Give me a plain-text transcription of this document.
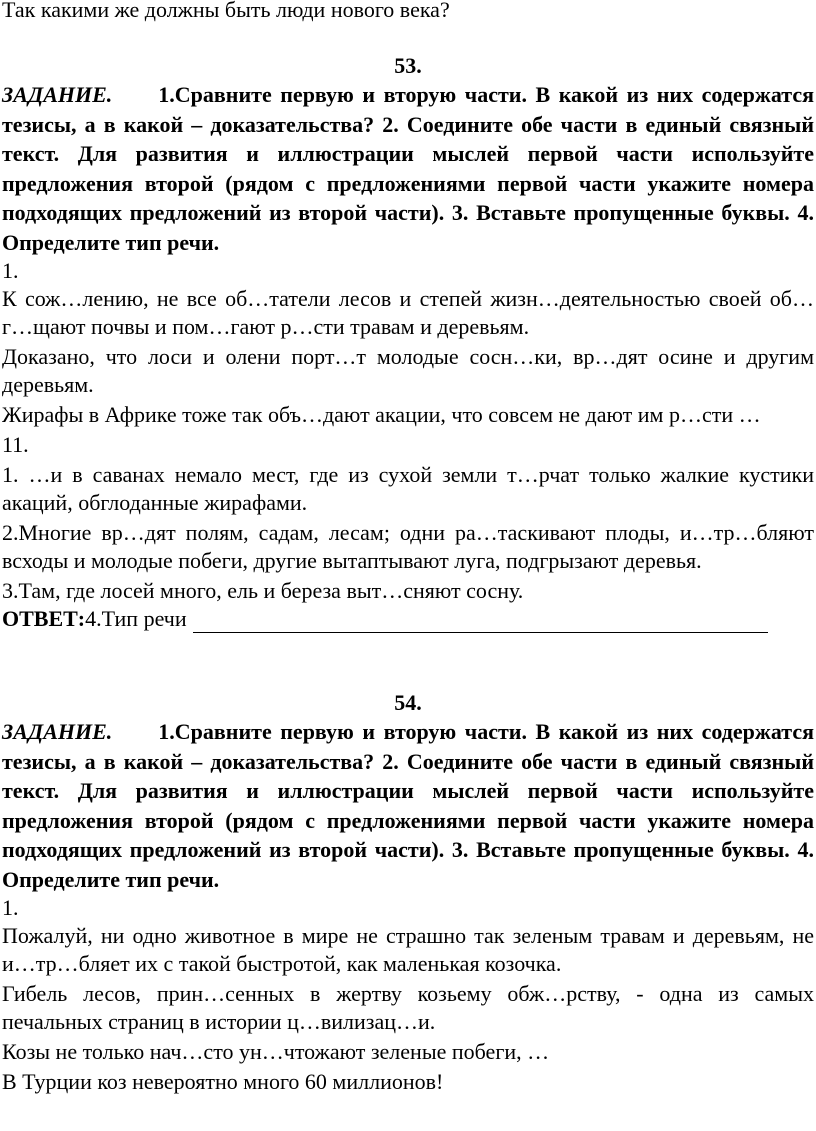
Так какими же должны быть люди нового века?

53.

ЗАДАНИЕ. 1.Сравните первую и вторую части. В какой из них содержатся тезисы, а в какой – доказательства? 2. Соедините обе части в единый связный текст. Для развития и иллюстрации мыслей первой части используйте предложения второй (рядом с предложениями первой части укажите номера подходящих предложений из второй части). 3. Вставьте пропущенные буквы. 4. Определите тип речи.

1.

К сож…лению, не все об…татели лесов и степей жизн…деятельностью своей об…г…щают почвы и пом…гают р…сти травам и деревьям.

Доказано, что лоси и олени порт…т молодые сосн…ки, вр…дят осине и другим деревьям.

Жирафы в Африке тоже так объ…дают акации, что совсем не дают им р…сти …

11.

1. …и в саванах немало мест, где из сухой земли т…рчат только жалкие кустики акаций, обглоданные жирафами.

2.Многие вр…дят полям, садам, лесам; одни ра…таскивают плоды, и…тр…бляют всходы и молодые побеги, другие вытаптывают луга, подгрызают деревья.

3.Там, где лосей много, ель и береза выт…сняют сосну.

ОТВЕТ: 4.Тип речи

54.

ЗАДАНИЕ. 1.Сравните первую и вторую части. В какой из них содержатся тезисы, а в какой – доказательства? 2. Соедините обе части в единый связный текст. Для развития и иллюстрации мыслей первой части используйте предложения второй (рядом с предложениями первой части укажите номера подходящих предложений из второй части). 3. Вставьте пропущенные буквы. 4. Определите тип речи.

1.

Пожалуй, ни одно животное в мире не страшно так зеленым травам и деревьям, не и…тр…бляет их с такой быстротой, как маленькая козочка.

Гибель лесов, прин…сенных в жертву козьему обж…рству, - одна из самых печальных страниц в истории ц…вилизац…и.

Козы не только нач…сто ун…чтожают зеленые побеги, …

В Турции коз невероятно много 60 миллионов!
